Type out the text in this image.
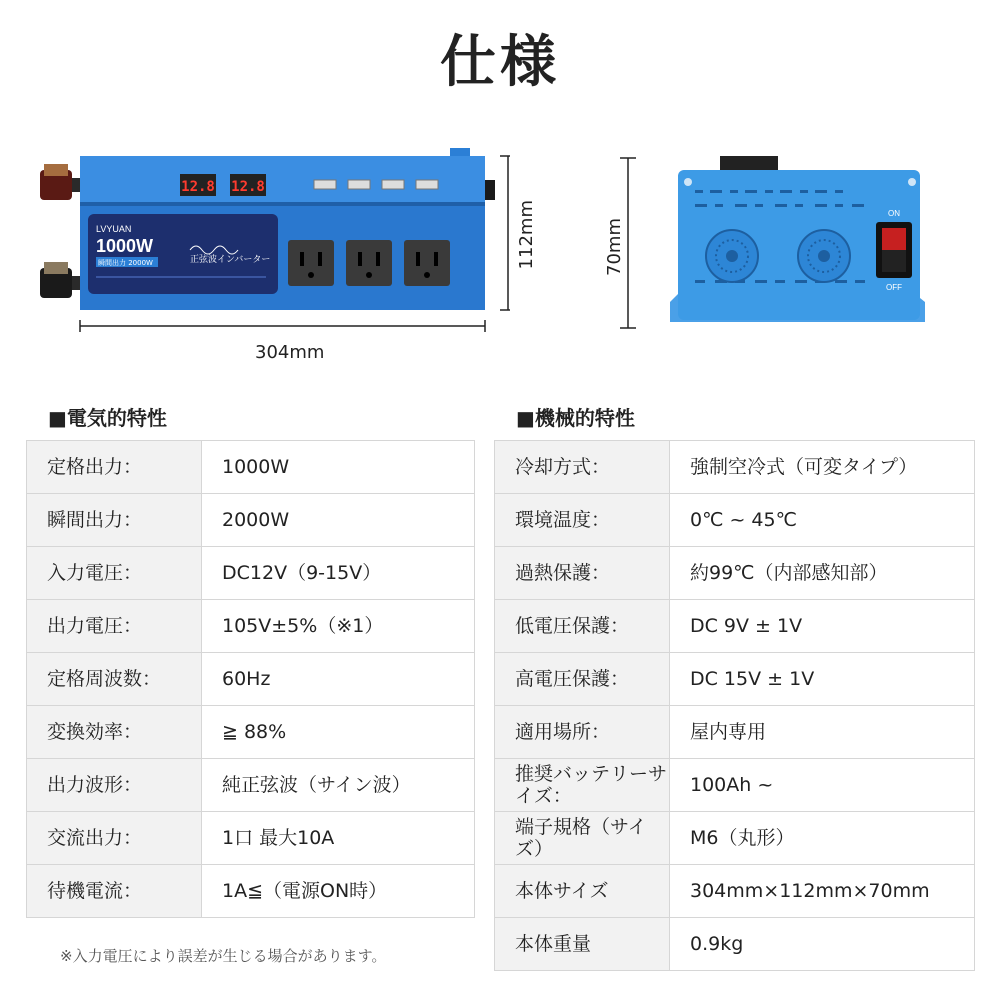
仕様
12.8 12.8
LVYUAN
1000W
瞬間出力 2000W	正弦波インバーター
304mm
112mm	ON
OFF
70mm
■電気的特性
定格出力：	1000W
瞬間出力：	2000W
入力電圧：	DC12V（9-15V）
出力電圧：	105V±5%（※1）
定格周波数：	60Hz
変換効率：	≧ 88%
出力波形：	純正弦波（サイン波）
交流出力：	1口 最大10A
待機電流：	1A≦（電源ON時）
※入力電圧により誤差が生じる場合があります。
■機械的特性
冷却方式：	強制空冷式（可変タイプ）
環境温度：	0℃ ~ 45℃
過熱保護：	約99℃（内部感知部）
低電圧保護：	DC 9V ± 1V
高電圧保護：	DC 15V ± 1V
適用場所：	屋内専用
推奨バッテリーサイズ：	100Ah ~
端子規格（サイズ）	M6（丸形）
本体サイズ	304mm×112mm×70mm
本体重量	0.9kg
